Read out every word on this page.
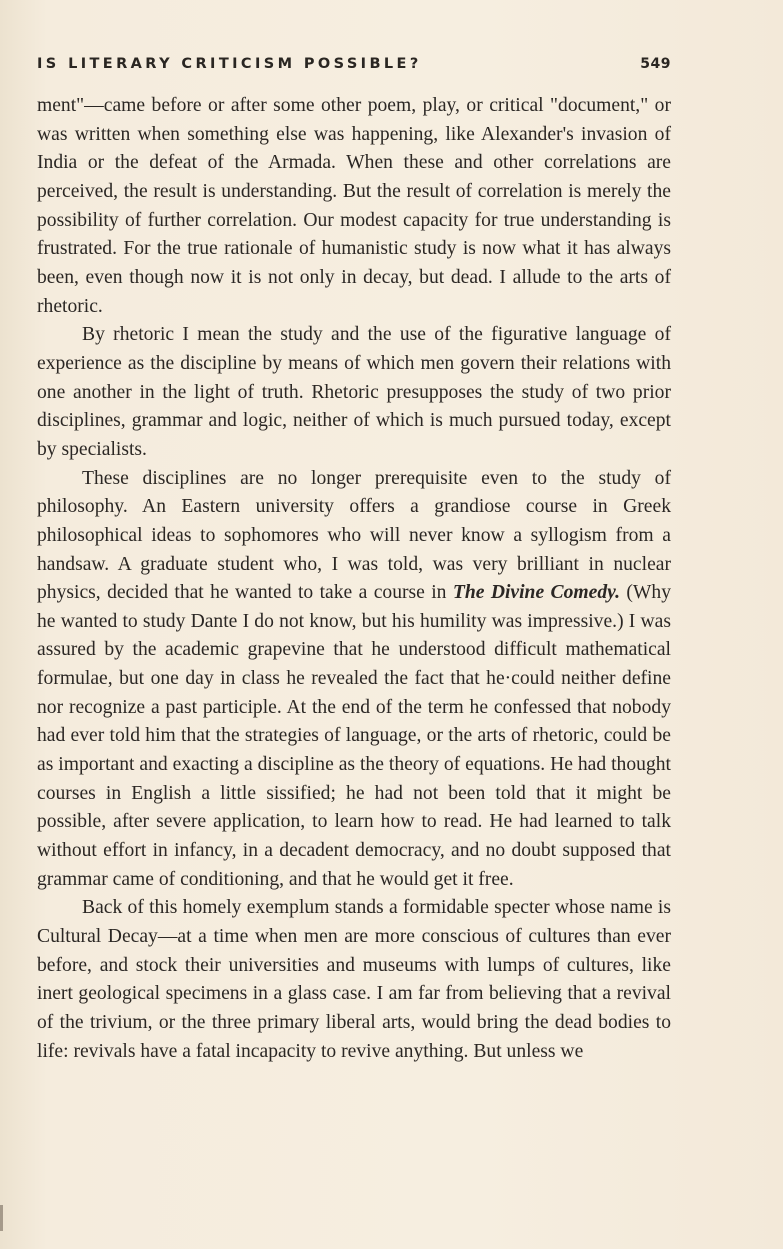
IS LITERARY CRITICISM POSSIBLE?	549

ment"—came before or after some other poem, play, or critical "document," or was written when something else was happening, like Alexander's invasion of India or the defeat of the Armada. When these and other correlations are perceived, the result is understanding. But the result of correlation is merely the possibility of further correlation. Our modest capacity for true understanding is frustrated. For the true rationale of humanistic study is now what it has always been, even though now it is not only in decay, but dead. I allude to the arts of rhetoric.

By rhetoric I mean the study and the use of the figurative language of experience as the discipline by means of which men govern their relations with one another in the light of truth. Rhetoric presupposes the study of two prior disciplines, grammar and logic, neither of which is much pursued today, except by specialists.

These disciplines are no longer prerequisite even to the study of philosophy. An Eastern university offers a grandiose course in Greek philosophical ideas to sophomores who will never know a syllogism from a handsaw. A graduate student who, I was told, was very brilliant in nuclear physics, decided that he wanted to take a course in The Divine Comedy. (Why he wanted to study Dante I do not know, but his humility was impressive.) I was assured by the academic grapevine that he understood difficult mathematical formulae, but one day in class he revealed the fact that he·could neither define nor recognize a past participle. At the end of the term he confessed that nobody had ever told him that the strategies of language, or the arts of rhetoric, could be as important and exacting a discipline as the theory of equations. He had thought courses in English a little sissified; he had not been told that it might be possible, after severe application, to learn how to read. He had learned to talk without effort in infancy, in a decadent democracy, and no doubt supposed that grammar came of conditioning, and that he would get it free.

Back of this homely exemplum stands a formidable specter whose name is Cultural Decay—at a time when men are more conscious of cultures than ever before, and stock their universities and museums with lumps of cultures, like inert geological specimens in a glass case. I am far from believing that a revival of the trivium, or the three primary liberal arts, would bring the dead bodies to life: revivals have a fatal incapacity to revive anything. But unless we
